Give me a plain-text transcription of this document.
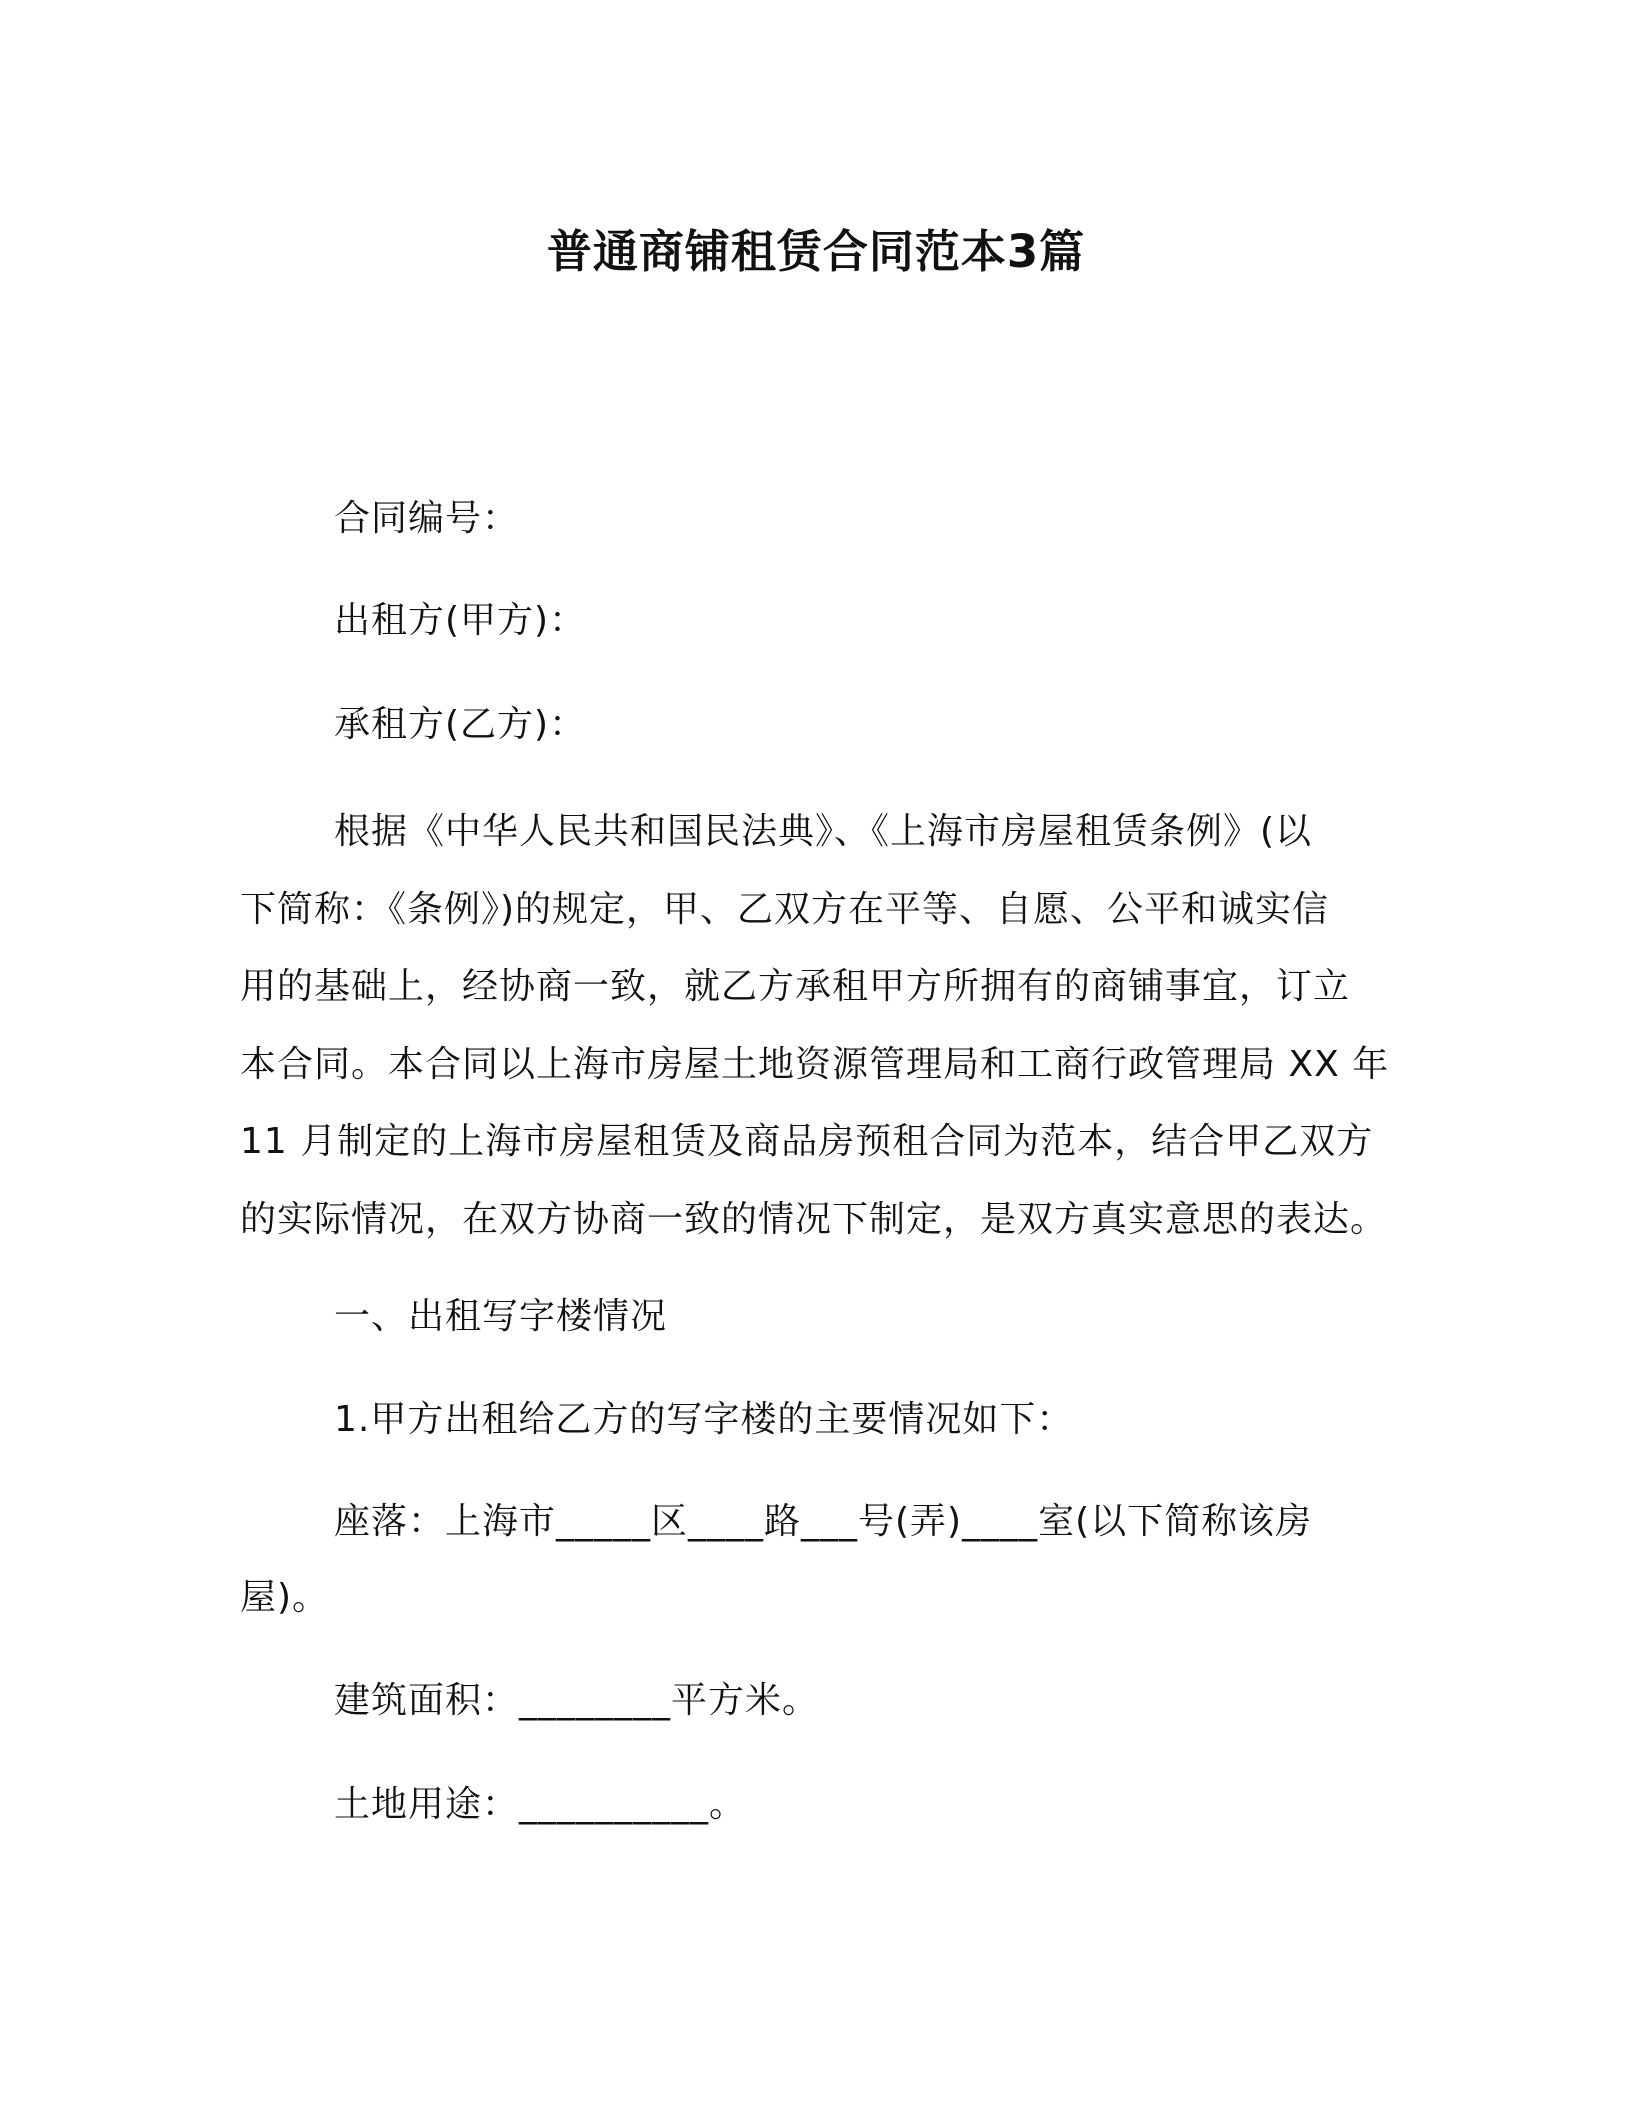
普通商铺租赁合同范本3篇
合同编号：
出租方(甲方)：
承租方(乙方)：
根据《中华人民共和国民法典》、《上海市房屋租赁条例》(以
下简称：《条例》)的规定，甲、乙双方在平等、自愿、公平和诚实信
用的基础上，经协商一致，就乙方承租甲方所拥有的商铺事宜，订立
本合同。本合同以上海市房屋土地资源管理局和工商行政管理局 XX 年
11 月制定的上海市房屋租赁及商品房预租合同为范本，结合甲乙双方
的实际情况，在双方协商一致的情况下制定，是双方真实意思的表达。
一、出租写字楼情况
1.甲方出租给乙方的写字楼的主要情况如下：
座落：上海市_____区____路___号(弄)____室(以下简称该房
屋)。
建筑面积：________平方米。
土地用途：__________。
